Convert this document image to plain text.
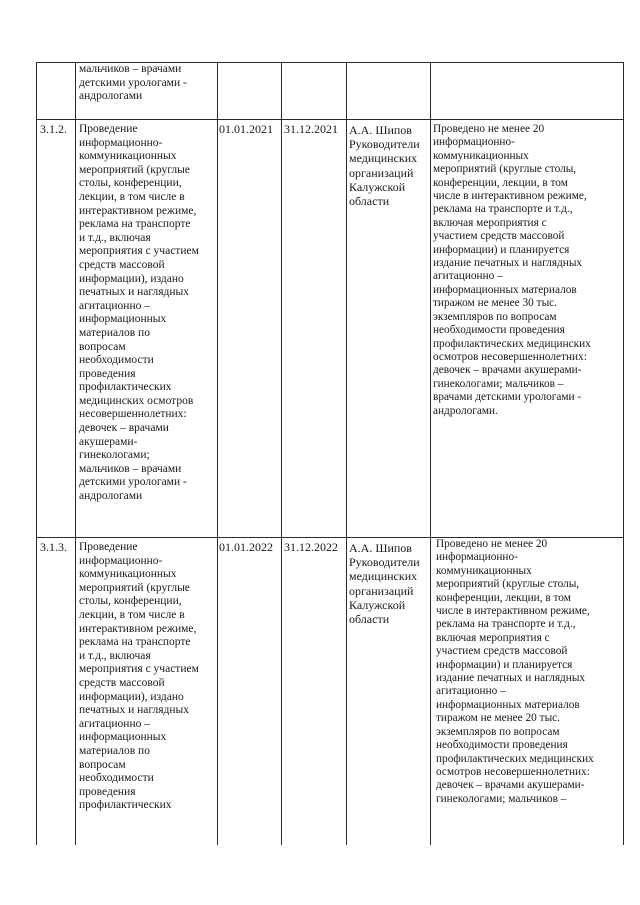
мальчиков – врачами
детскими урологами -
андрологами
3.1.2. Проведение
информационно-
коммуникационных
мероприятий (круглые
столы, конференции,
лекции, в том числе в
интерактивном режиме,
реклама на транспорте
и т.д., включая
мероприятия с участием
средств массовой
информации), издано
печатных и наглядных
агитационно –
информационных
материалов по
вопросам
необходимости
проведения
профилактических
медицинских осмотров
несовершеннолетних:
девочек – врачами
акушерами-
гинекологами;
мальчиков – врачами
детскими урологами -
андрологами
01.01.2021 31.12.2021 А.А. Шипов
Руководители
медицинских
организаций
Калужской
области
Проведено не менее 20
информационно-
коммуникационных
мероприятий (круглые столы,
конференции, лекции, в том
числе в интерактивном режиме,
реклама на транспорте и т.д.,
включая мероприятия с
участием средств массовой
информации) и планируется
издание печатных и наглядных
агитационно –
информационных материалов
тиражом не менее 30 тыс.
экземпляров по вопросам
необходимости проведения
профилактических медицинских
осмотров несовершеннолетних:
девочек – врачами акушерами-
гинекологами; мальчиков –
врачами детскими урологами -
андрологами.
3.1.3. Проведение
информационно-
коммуникационных
мероприятий (круглые
столы, конференции,
лекции, в том числе в
интерактивном режиме,
реклама на транспорте
и т.д., включая
мероприятия с участием
средств массовой
информации), издано
печатных и наглядных
агитационно –
информационных
материалов по
вопросам
необходимости
проведения
профилактических
01.01.2022 31.12.2022 А.А. Шипов
Руководители
медицинских
организаций
Калужской
области
Проведено не менее 20
информационно-
коммуникационных
мероприятий (круглые столы,
конференции, лекции, в том
числе в интерактивном режиме,
реклама на транспорте и т.д.,
включая мероприятия с
участием средств массовой
информации) и планируется
издание печатных и наглядных
агитационно –
информационных материалов
тиражом не менее 20 тыс.
экземпляров по вопросам
необходимости проведения
профилактических медицинских
осмотров несовершеннолетних:
девочек – врачами акушерами-
гинекологами; мальчиков –
